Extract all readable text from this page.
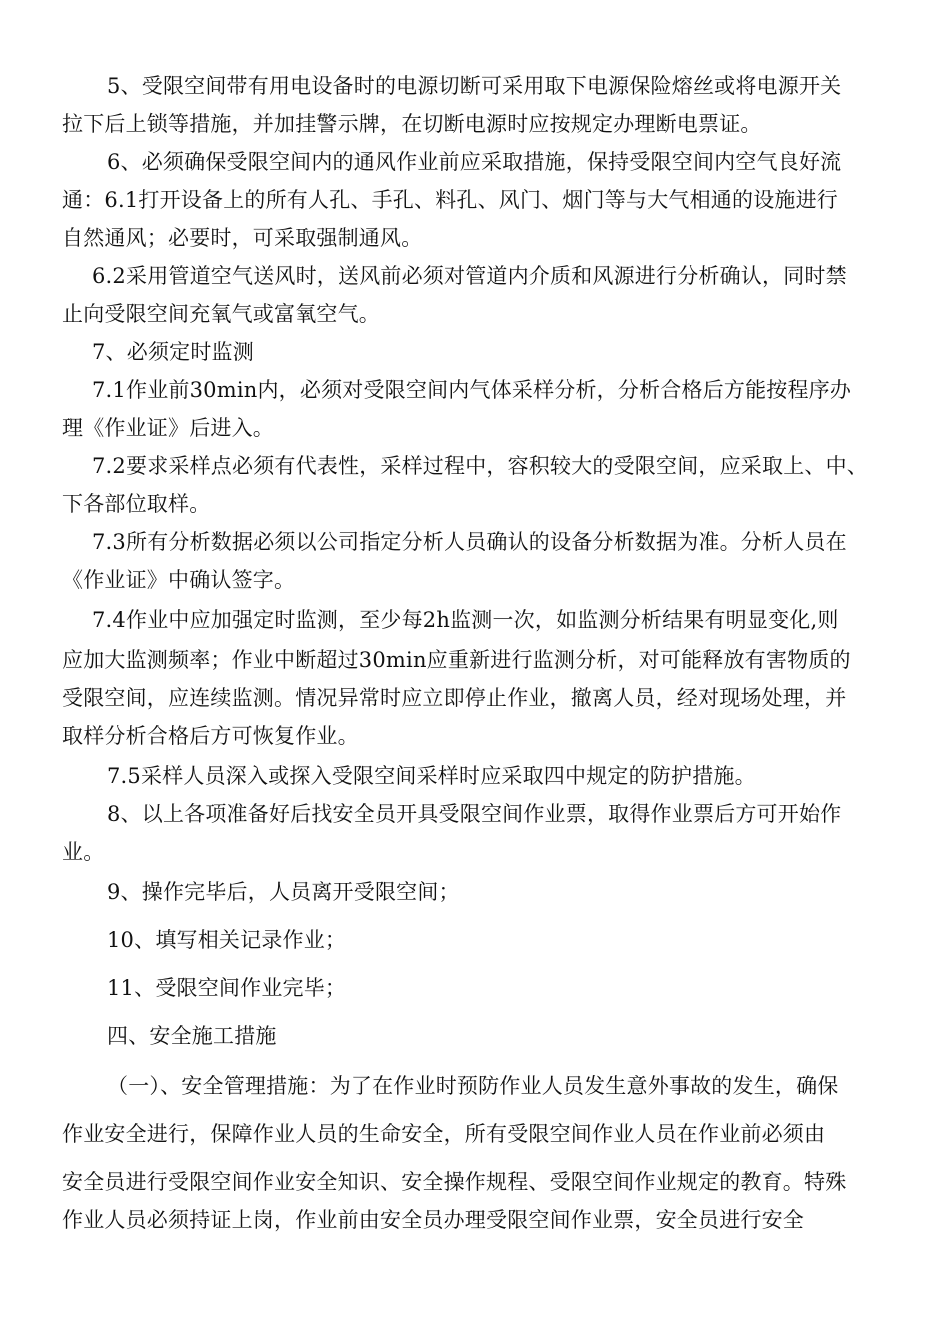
5、受限空间带有用电设备时的电源切断可采用取下电源保险熔丝或将电源开关

拉下后上锁等措施，并加挂警示牌，在切断电源时应按规定办理断电票证。

6、必须确保受限空间内的通风作业前应采取措施，保持受限空间内空气良好流

通：6.1打开设备上的所有人孔、手孔、料孔、风门、烟门等与大气相通的设施进行

自然通风；必要时，可采取强制通风。

6.2采用管道空气送风时，送风前必须对管道内介质和风源进行分析确认，同时禁

止向受限空间充氧气或富氧空气。

7、必须定时监测

7.1作业前30min内，必须对受限空间内气体采样分析，分析合格后方能按程序办

理《作业证》后进入。

7.2要求采样点必须有代表性，采样过程中，容积较大的受限空间，应采取上、中、

下各部位取样。

7.3所有分析数据必须以公司指定分析人员确认的设备分析数据为准。分析人员在

《作业证》中确认签字。

7.4作业中应加强定时监测，至少每2h监测一次，如监测分析结果有明显变化,则

应加大监测频率；作业中断超过30min应重新进行监测分析，对可能释放有害物质的

受限空间，应连续监测。情况异常时应立即停止作业，撤离人员，经对现场处理，并

取样分析合格后方可恢复作业。

7.5采样人员深入或探入受限空间采样时应采取四中规定的防护措施。

8、以上各项准备好后找安全员开具受限空间作业票，取得作业票后方可开始作

业。

9、操作完毕后，人员离开受限空间；

10、填写相关记录作业；

11、受限空间作业完毕；

四、安全施工措施

（一）、安全管理措施：为了在作业时预防作业人员发生意外事故的发生，确保

作业安全进行，保障作业人员的生命安全，所有受限空间作业人员在作业前必须由

安全员进行受限空间作业安全知识、安全操作规程、受限空间作业规定的教育。特殊

作业人员必须持证上岗，作业前由安全员办理受限空间作业票，安全员进行安全
